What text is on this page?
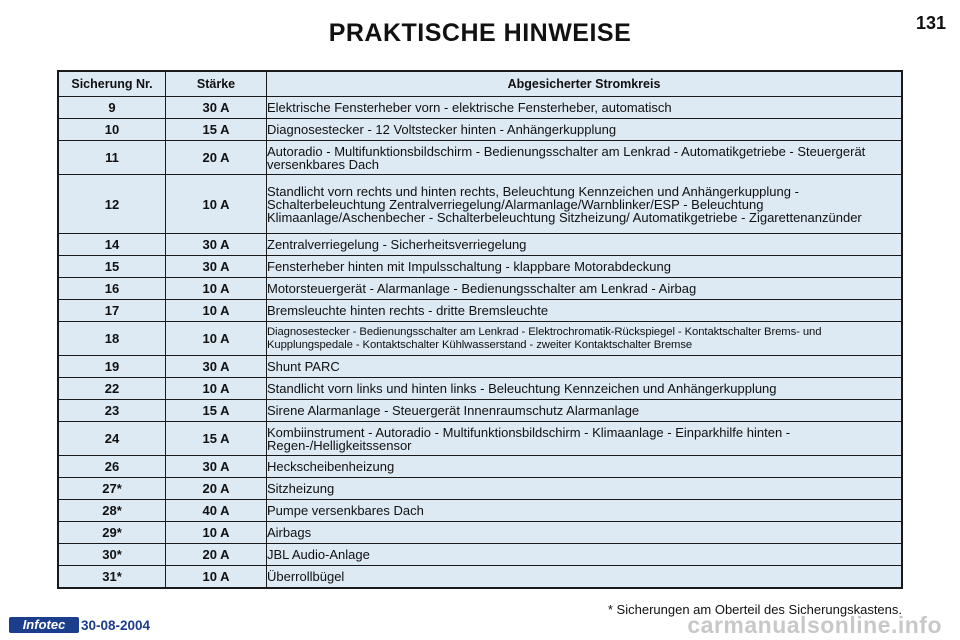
PRAKTISCHE HINWEISE	131
Sicherung Nr.	Stärke	Abgesicherter Stromkreis
9	30 A	Elektrische Fensterheber vorn - elektrische Fensterheber, automatisch
10	15 A	Diagnosestecker - 12 Voltstecker hinten - Anhängerkupplung
11	20 A	Autoradio - Multifunktionsbildschirm - Bedienungsschalter am Lenkrad - Automatikgetriebe - Steuergerät versenkbares Dach
12	10 A	Standlicht vorn rechts und hinten rechts, Beleuchtung Kennzeichen und Anhängerkupplung - Schalterbeleuchtung Zentralverriegelung/Alarmanlage/Warnblinker/ESP - Beleuchtung Klimaanlage/Aschenbecher - Schalterbeleuchtung Sitzheizung/ Automatikgetriebe - Zigarettenanzünder
14	30 A	Zentralverriegelung - Sicherheitsverriegelung
15	30 A	Fensterheber hinten mit Impulsschaltung - klappbare Motorabdeckung
16	10 A	Motorsteuergerät - Alarmanlage - Bedienungsschalter am Lenkrad - Airbag
17	10 A	Bremsleuchte hinten rechts - dritte Bremsleuchte
18	10 A	Diagnosestecker - Bedienungsschalter am Lenkrad - Elektrochromatik-Rückspiegel - Kontaktschalter Brems- und Kupplungspedale - Kontaktschalter Kühlwasserstand - zweiter Kontaktschalter Bremse
19	30 A	Shunt PARC
22	10 A	Standlicht vorn links und hinten links - Beleuchtung Kennzeichen und Anhängerkupplung
23	15 A	Sirene Alarmanlage - Steuergerät Innenraumschutz Alarmanlage
24	15 A	Kombiinstrument - Autoradio - Multifunktionsbildschirm - Klimaanlage - Einparkhilfe hinten - Regen-/Helligkeitssensor
26	30 A	Heckscheibenheizung
27*	20 A	Sitzheizung
28*	40 A	Pumpe versenkbares Dach
29*	10 A	Airbags
30*	20 A	JBL Audio-Anlage
31*	10 A	Überrollbügel
* Sicherungen am Oberteil des Sicherungskastens.
carmanualsonline.info
Infotec	30-08-2004
